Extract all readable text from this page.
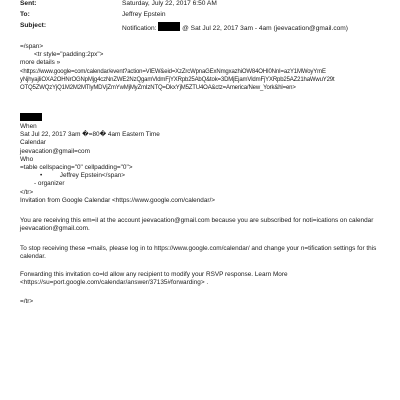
Sent:	Saturday, July 22, 2017 6:50 AM
To:	Jeffrey Epstein
Subject:	Notification:	@ Sat Jul 22, 2017 3am - 4am (jeevacation@gmail.com)
=/span>
<tr style="padding:2px">
more details »
<https://www.google=com/calendar/event?action=VIEW&eid=XzZrcWpnaGExNmgxazhiOW84OHI0NnI=azY1MWoyYmE
yNjhyajIiOXA2OHNrOGNpMjg4czNnZWE2NzQgamVldmFjYXRpb25AbQ&tok=3DMjEjamVldmFjYXRpb25AZ21haWwuY29t
OTQ5ZWQzYjQ1M2M2MTlyMDVjZmYwMjMyZmIzNTQ=DkxYjM5ZTU4OA&ctz=America/New_York&hl=en>
When
Sat Jul 22, 2017 3am �=80� 4am Eastern Time
Calendar
jeevacation@gmail=com
Who
=table cellspacing="0" cellpadding="0">
•	Jeffrey Epstein</span>
- organizer
</tr>
Invitation from Google Calendar <https://www.google.com/calendar/>
You are receiving this em=il at the account jeevacation@gmail.com because you are subscribed for noti=ications on calendar jeevacation@gmail.com.
To stop receiving these =mails, please log in to https://www.google.com/calendar/ and change your n=tification settings for this calendar.
Forwarding this invitation co=ld allow any recipient to modify your RSVP response. Learn More
<https://su=port.google.com/calendar/answer/37135#forwarding> .
=/tr>
